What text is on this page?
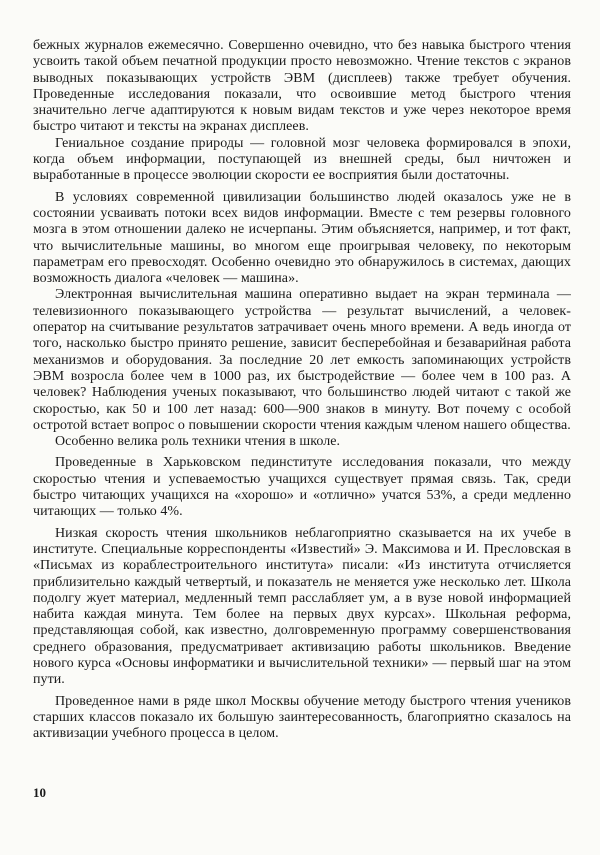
бежных журналов ежемесячно. Совершенно очевидно, что без навыка быстрого чтения усвоить такой объем печатной продукции просто невозможно. Чтение текстов с экранов выводных показывающих устройств ЭВМ (дисплеев) также требует обучения. Проведенные исследования показали, что освоившие метод быстрого чтения значительно легче адаптируются к новым видам текстов и уже через некоторое время быстро читают и тексты на экранах дисплеев.

Гениальное создание природы — головной мозг человека формировался в эпохи, когда объем информации, поступающей из внешней среды, был ничтожен и выработанные в процессе эволюции скорости ее восприятия были достаточны.

В условиях современной цивилизации большинство людей оказалось уже не в состоянии усваивать потоки всех видов информации. Вместе с тем резервы головного мозга в этом отношении далеко не исчерпаны. Этим объясняется, например, и тот факт, что вычислительные машины, во многом еще проигрывая человеку, по некоторым параметрам его превосходят. Особенно очевидно это обнаружилось в системах, дающих возможность диалога «человек — машина».

Электронная вычислительная машина оперативно выдает на экран терминала — телевизионного показывающего устройства — результат вычислений, а человек-оператор на считывание результатов затрачивает очень много времени. А ведь иногда от того, насколько быстро принято решение, зависит бесперебойная и безаварийная работа механизмов и оборудования. За последние 20 лет емкость запоминающих устройств ЭВМ возросла более чем в 1000 раз, их быстродействие — более чем в 100 раз. А человек? Наблюдения ученых показывают, что большинство людей читают с такой же скоростью, как 50 и 100 лет назад: 600—900 знаков в минуту. Вот почему с особой остротой встает вопрос о повышении скорости чтения каждым членом нашего общества.

Особенно велика роль техники чтения в школе.

Проведенные в Харьковском пединституте исследования показали, что между скоростью чтения и успеваемостью учащихся существует прямая связь. Так, среди быстро читающих учащихся на «хорошо» и «отлично» учатся 53%, а среди медленно читающих — только 4%.

Низкая скорость чтения школьников неблагоприятно сказывается на их учебе в институте. Специальные корреспонденты «Известий» Э. Максимова и И. Пресловская в «Письмах из кораблестроительного института» писали: «Из института отчисляется приблизительно каждый четвертый, и показатель не меняется уже несколько лет. Школа подолгу жует материал, медленный темп расслабляет ум, а в вузе новой информацией набита каждая минута. Тем более на первых двух курсах». Школьная реформа, представляющая собой, как известно, долговременную программу совершенствования среднего образования, предусматривает активизацию работы школьников. Введение нового курса «Основы информатики и вычислительной техники» — первый шаг на этом пути.

Проведенное нами в ряде школ Москвы обучение методу быстрого чтения учеников старших классов показало их большую заинтересованность, благоприятно сказалось на активизации учебного процесса в целом.

10
